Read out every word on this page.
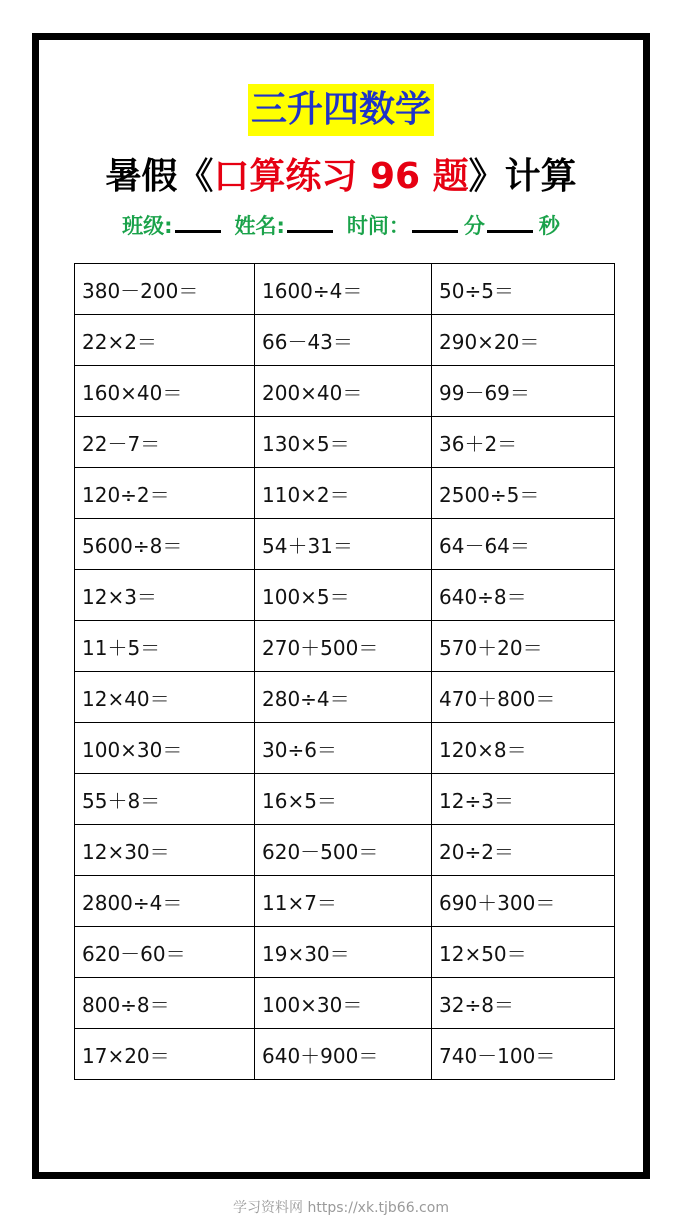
三升四数学
暑假《口算练习 96 题》计算
班级:	姓名:	时间：	分	秒
380－200＝	1600÷4＝	50÷5＝
22×2＝	66－43＝	290×20＝
160×40＝	200×40＝	99－69＝
22－7＝	130×5＝	36＋2＝
120÷2＝	110×2＝	2500÷5＝
5600÷8＝	54＋31＝	64－64＝
12×3＝	100×5＝	640÷8＝
11＋5＝	270＋500＝	570＋20＝
12×40＝	280÷4＝	470＋800＝
100×30＝	30÷6＝	120×8＝
55＋8＝	16×5＝	12÷3＝
12×30＝	620－500＝	20÷2＝
2800÷4＝	11×7＝	690＋300＝
620－60＝	19×30＝	12×50＝
800÷8＝	100×30＝	32÷8＝
17×20＝	640＋900＝	740－100＝
学习资料网 https://xk.tjb66.com
